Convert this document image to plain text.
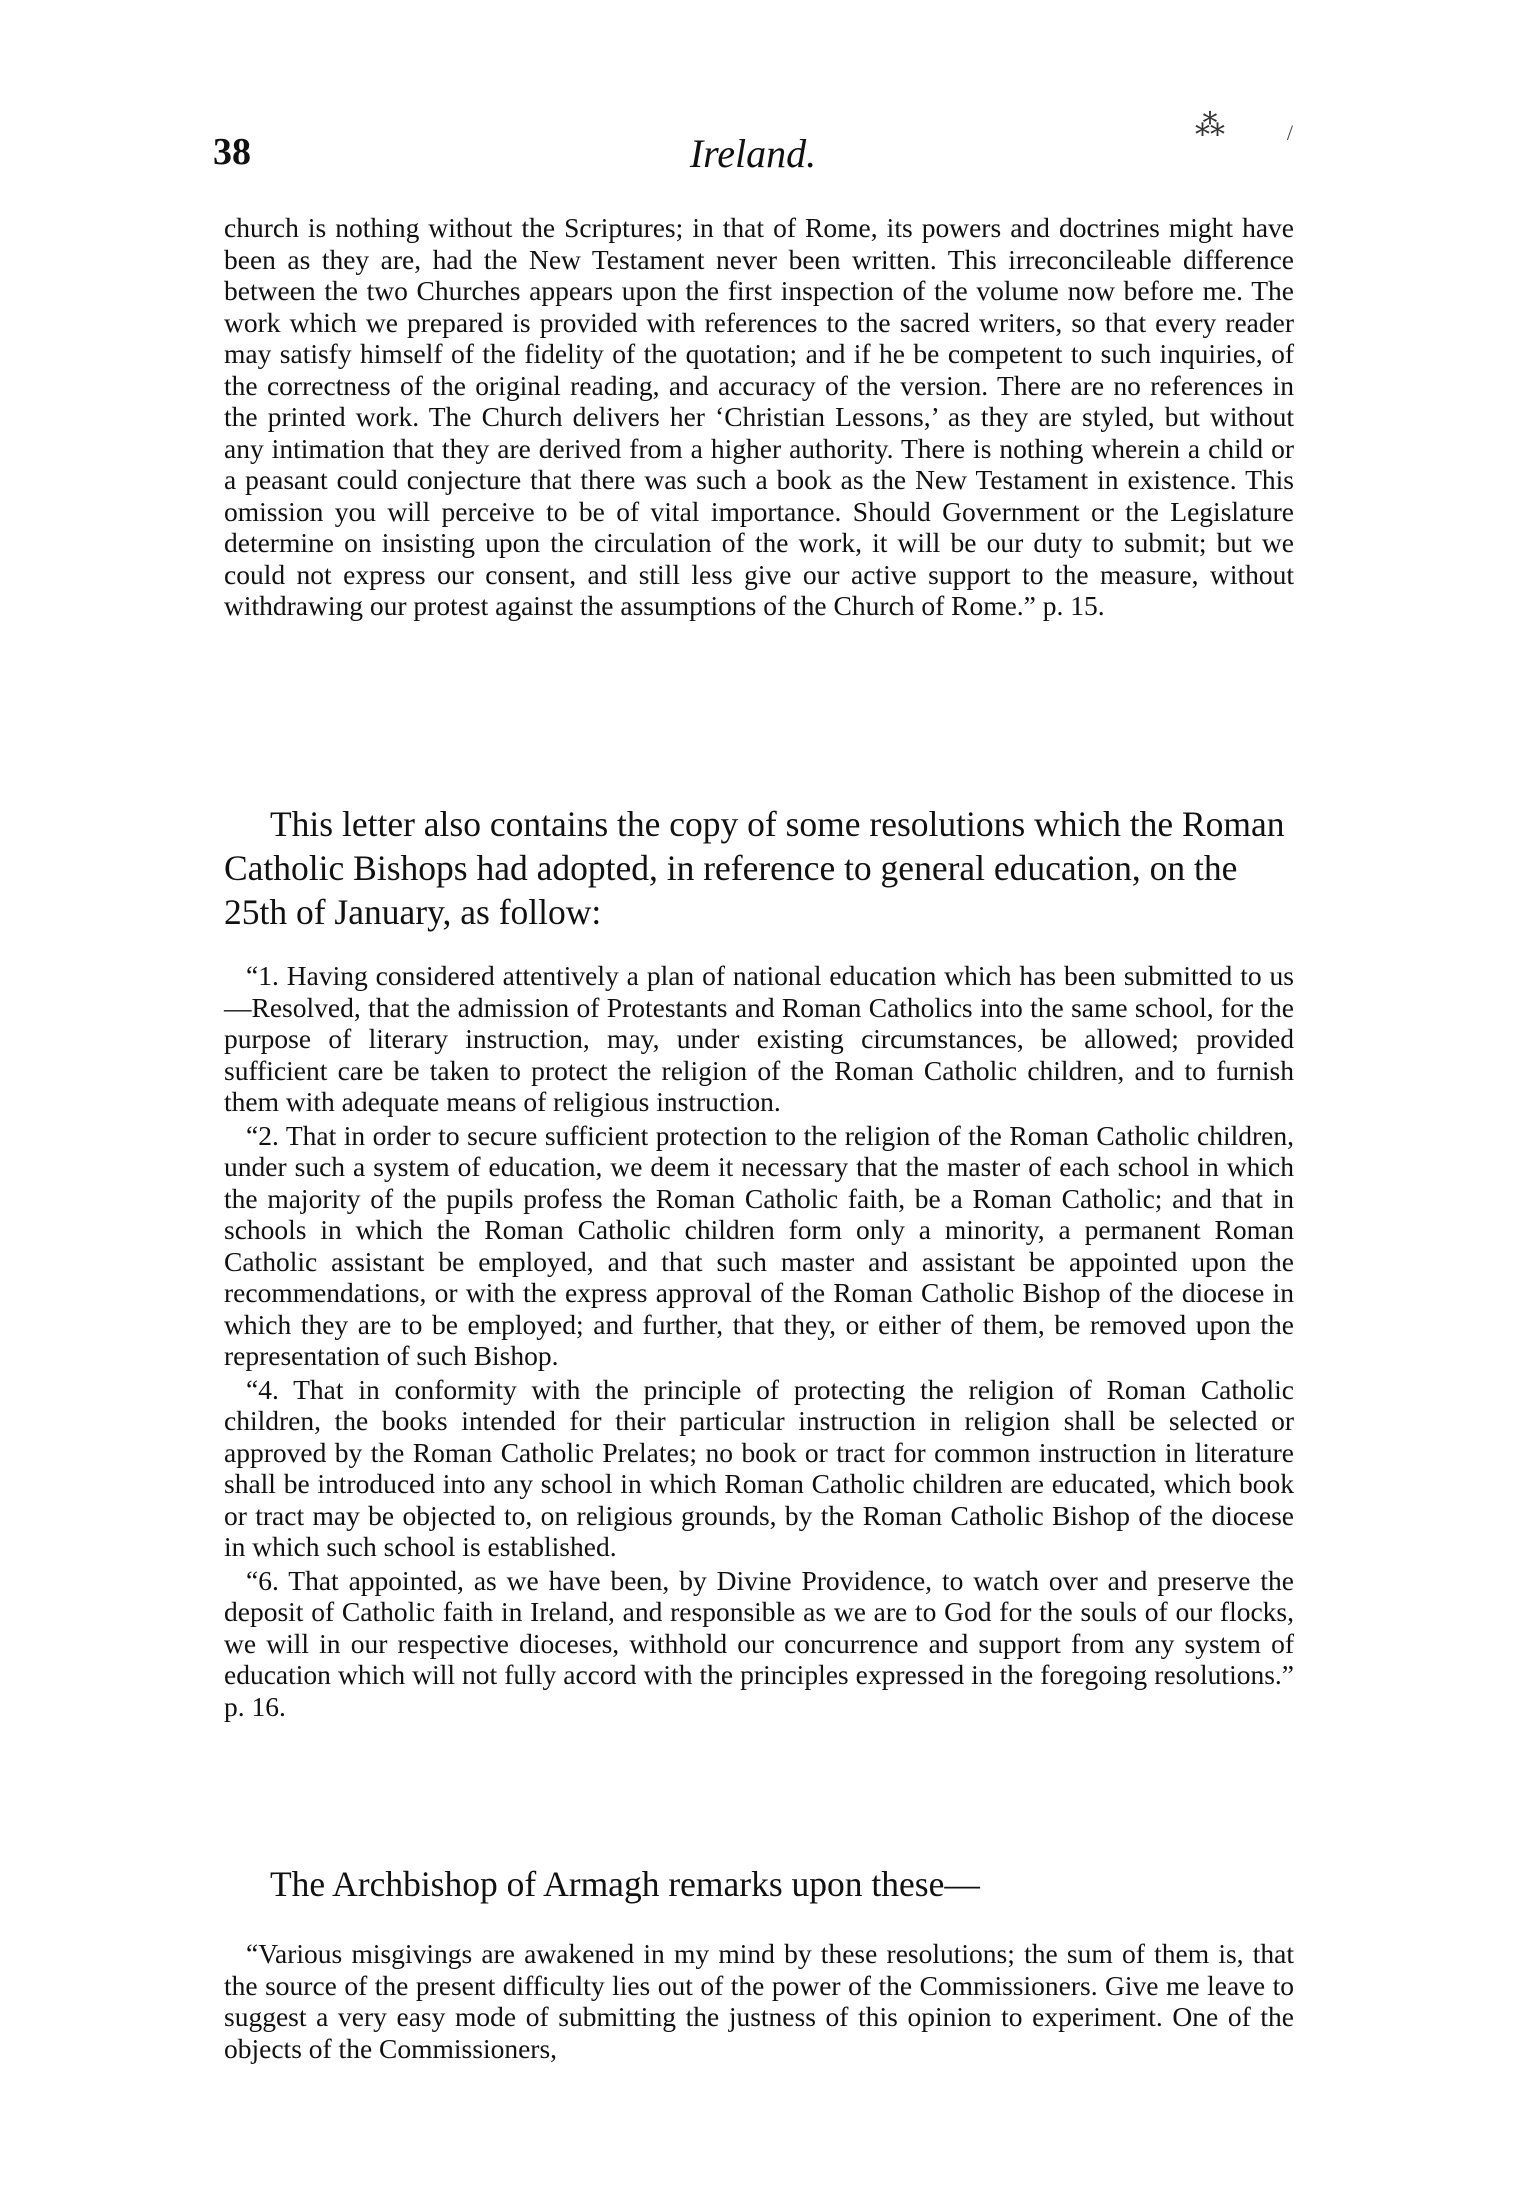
38	Ireland.
⁂	/

church is nothing without the Scriptures; in that of Rome, its powers and doctrines might have been as they are, had the New Testament never been written. This irreconcileable difference between the two Churches appears upon the first inspection of the volume now before me. The work which we prepared is provided with references to the sacred writers, so that every reader may satisfy himself of the fidelity of the quotation; and if he be competent to such inquiries, of the correctness of the original reading, and accuracy of the version. There are no references in the printed work. The Church delivers her ‘Christian Lessons,’ as they are styled, but without any intimation that they are derived from a higher authority. There is nothing wherein a child or a peasant could conjecture that there was such a book as the New Testament in existence. This omission you will perceive to be of vital importance. Should Government or the Legislature determine on insisting upon the circulation of the work, it will be our duty to submit; but we could not express our consent, and still less give our active support to the measure, without withdrawing our protest against the assumptions of the Church of Rome.” p. 15.

This letter also contains the copy of some resolutions which the Roman Catholic Bishops had adopted, in reference to general education, on the 25th of January, as follow:

“1. Having considered attentively a plan of national education which has been submitted to us—Resolved, that the admission of Protestants and Roman Catholics into the same school, for the purpose of literary instruction, may, under existing circumstances, be allowed; provided sufficient care be taken to protect the religion of the Roman Catholic children, and to furnish them with adequate means of religious instruction.

“2. That in order to secure sufficient protection to the religion of the Roman Catholic children, under such a system of education, we deem it necessary that the master of each school in which the majority of the pupils profess the Roman Catholic faith, be a Roman Catholic; and that in schools in which the Roman Catholic children form only a minority, a permanent Roman Catholic assistant be employed, and that such master and assistant be appointed upon the recommendations, or with the express approval of the Roman Catholic Bishop of the diocese in which they are to be employed; and further, that they, or either of them, be removed upon the representation of such Bishop.

“4. That in conformity with the principle of protecting the religion of Roman Catholic children, the books intended for their particular instruction in religion shall be selected or approved by the Roman Catholic Prelates; no book or tract for common instruction in literature shall be introduced into any school in which Roman Catholic children are educated, which book or tract may be objected to, on religious grounds, by the Roman Catholic Bishop of the diocese in which such school is established.

“6. That appointed, as we have been, by Divine Providence, to watch over and preserve the deposit of Catholic faith in Ireland, and responsible as we are to God for the souls of our flocks, we will in our respective dioceses, withhold our concurrence and support from any system of education which will not fully accord with the principles expressed in the foregoing resolutions.” p. 16.

The Archbishop of Armagh remarks upon these—

“Various misgivings are awakened in my mind by these resolutions; the sum of them is, that the source of the present difficulty lies out of the power of the Commissioners. Give me leave to suggest a very easy mode of submitting the justness of this opinion to experiment. One of the objects of the Commissioners,
